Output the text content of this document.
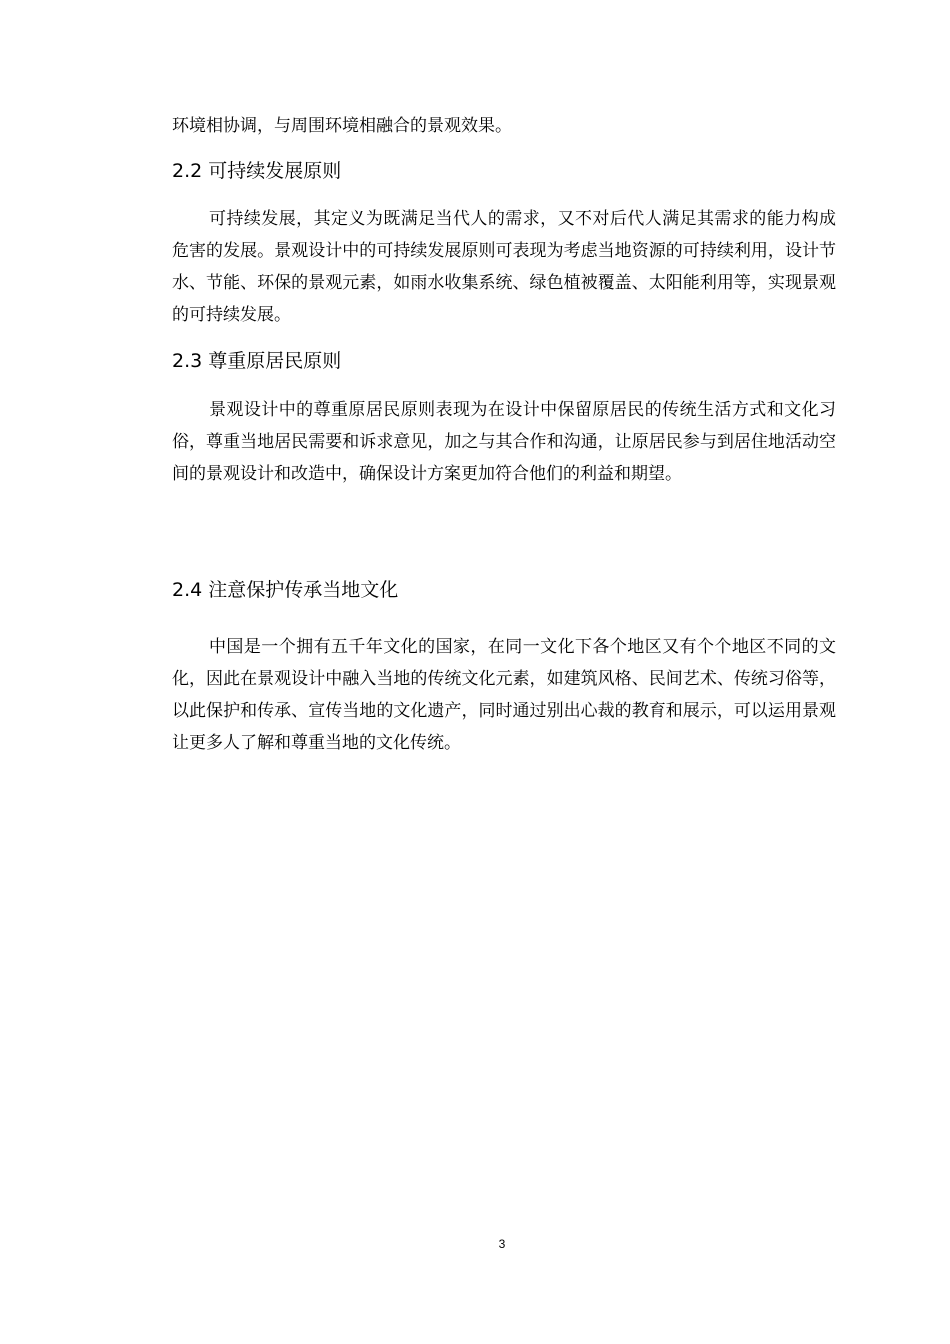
环境相协调，与周围环境相融合的景观效果。

2.2 可持续发展原则

可持续发展，其定义为既满足当代人的需求，又不对后代人满足其需求的能力构成危害的发展。景观设计中的可持续发展原则可表现为考虑当地资源的可持续利用，设计节水、节能、环保的景观元素，如雨水收集系统、绿色植被覆盖、太阳能利用等，实现景观的可持续发展。

2.3 尊重原居民原则

景观设计中的尊重原居民原则表现为在设计中保留原居民的传统生活方式和文化习俗，尊重当地居民需要和诉求意见，加之与其合作和沟通，让原居民参与到居住地活动空间的景观设计和改造中，确保设计方案更加符合他们的利益和期望。

2.4 注意保护传承当地文化

中国是一个拥有五千年文化的国家，在同一文化下各个地区又有个个地区不同的文化，因此在景观设计中融入当地的传统文化元素，如建筑风格、民间艺术、传统习俗等，以此保护和传承、宣传当地的文化遗产，同时通过别出心裁的教育和展示，可以运用景观让更多人了解和尊重当地的文化传统。

3
